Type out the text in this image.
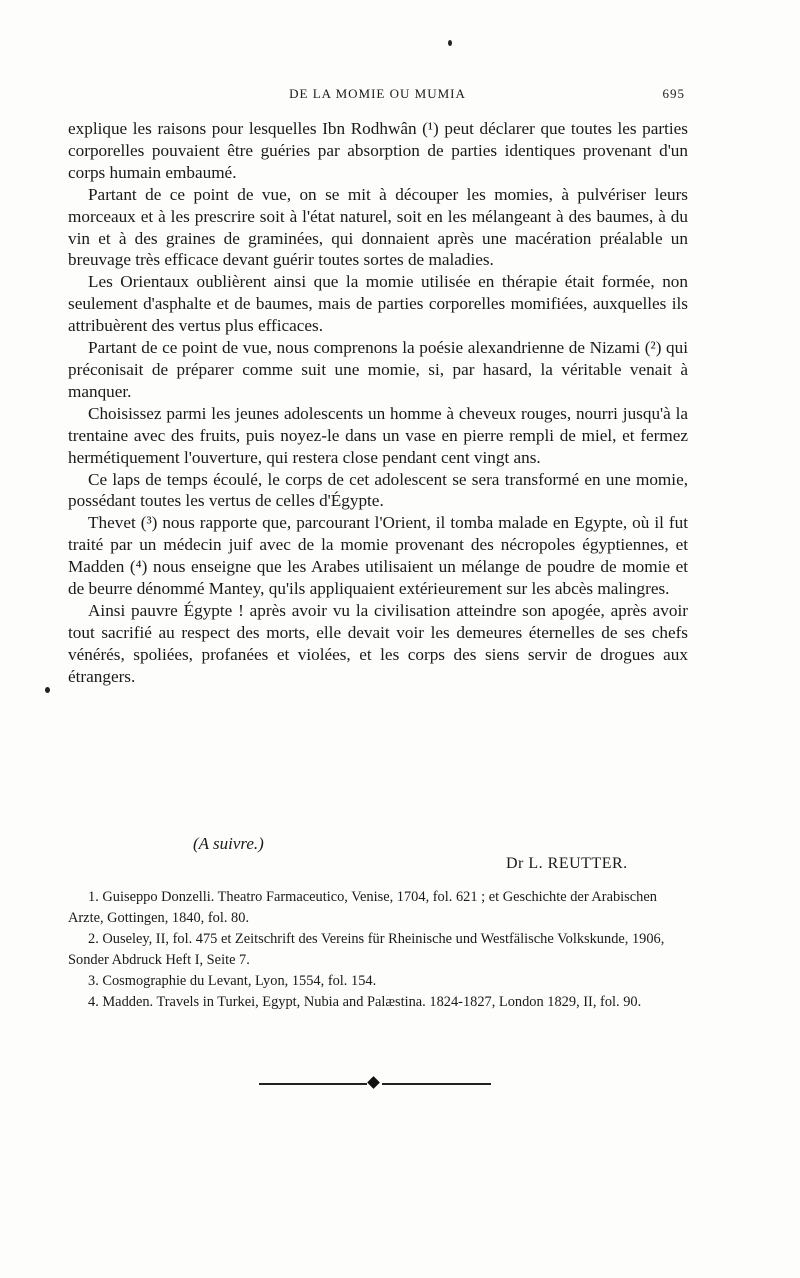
DE LA MOMIE OU MUMIA	695

explique les raisons pour lesquelles Ibn Rodhwân (¹) peut déclarer que toutes les parties corporelles pouvaient être guéries par absorption de parties identiques provenant d'un corps humain embaumé.

Partant de ce point de vue, on se mit à découper les momies, à pulvériser leurs morceaux et à les prescrire soit à l'état naturel, soit en les mélangeant à des baumes, à du vin et à des graines de graminées, qui donnaient après une macération préalable un breuvage très efficace devant guérir toutes sortes de maladies.

Les Orientaux oublièrent ainsi que la momie utilisée en thérapie était formée, non seulement d'asphalte et de baumes, mais de parties corporelles momifiées, auxquelles ils attribuèrent des vertus plus efficaces.

Partant de ce point de vue, nous comprenons la poésie alexandrienne de Nizami (²) qui préconisait de préparer comme suit une momie, si, par hasard, la véritable venait à manquer.

Choisissez parmi les jeunes adolescents un homme à cheveux rouges, nourri jusqu'à la trentaine avec des fruits, puis noyez-le dans un vase en pierre rempli de miel, et fermez hermétiquement l'ouverture, qui restera close pendant cent vingt ans.

Ce laps de temps écoulé, le corps de cet adolescent se sera transformé en une momie, possédant toutes les vertus de celles d'Égypte.

Thevet (³) nous rapporte que, parcourant l'Orient, il tomba malade en Egypte, où il fut traité par un médecin juif avec de la momie provenant des nécropoles égyptiennes, et Madden (⁴) nous enseigne que les Arabes utilisaient un mélange de poudre de momie et de beurre dénommé Mantey, qu'ils appliquaient extérieurement sur les abcès malingres.

Ainsi pauvre Égypte ! après avoir vu la civilisation atteindre son apogée, après avoir tout sacrifié au respect des morts, elle devait voir les demeures éternelles de ses chefs vénérés, spoliées, profanées et violées, et les corps des siens servir de drogues aux étrangers.

(A suivre.)
Dr L. REUTTER.
1. Guiseppo Donzelli. Theatro Farmaceutico, Venise, 1704, fol. 621 ; et Geschichte der Arabischen Arzte, Gottingen, 1840, fol. 80.
2. Ouseley, II, fol. 475 et Zeitschrift des Vereins für Rheinische und Westfälische Volkskunde, 1906, Sonder Abdruck Heft I, Seite 7.
3. Cosmographie du Levant, Lyon, 1554, fol. 154.
4. Madden. Travels in Turkei, Egypt, Nubia and Palæstina. 1824-1827, London 1829, II, fol. 90.
